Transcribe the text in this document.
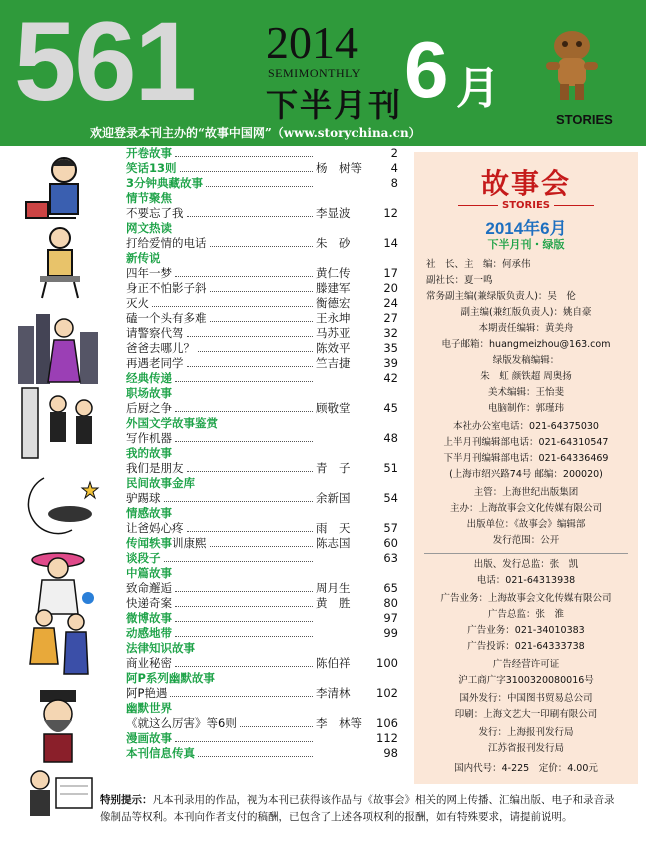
561 2014
SEMIMONTHLY
下半月刊 6 月
STORIES
欢迎登录本刊主办的“故事中国网”（www.storychina.cn）
开卷故事	2
笑话13则	杨　树等	4
3分钟典藏故事	8
情节聚焦
不要忘了我	李显波	12
网文热读
打给爱情的电话	朱　砂	14
新传说
四年一梦	黄仁传	17
身正不怕影子斜	滕建军	20
灭火	衡德宏	24
磕一个头有多难	王永坤	27
请警察代驾	马苏亚	32
爸爸去哪儿？	陈效平	35
再遇老同学	竺吉捷	39
经典传递	42
职场故事
后厨之争	顾敬堂	45
外国文学故事鉴赏
写作机器	48
我的故事
我们是朋友	青　子	51
民间故事金库
驴踢球	余新国	54
情感故事
让爸妈心疼	雨　天	57
传闻轶事 训康熙	陈志国	60
谈段子	63
中篇故事
致命邂逅	周月生	65
快递奇案	黄　胜	80
微博故事	97
动感地带	99
法律知识故事
商业秘密	陈伯祥	100
阿P系列幽默故事
阿P艳遇	李清林	102
幽默世界
《就这么厉害》等6则	李　林等	106
漫画故事	112
本刊信息传真	98
故事会
STORIES
2014年6月
下半月刊・绿版
社　长、主　编：何承伟
副社长：夏一鸣
常务副主编(兼绿版负责人)：吴　伦
副主编(兼红版负责人)：姚自豪
本期责任编辑：黄美舟
电子邮箱：huangmeizhou@163.com
绿版发稿编辑：
朱　虹 颜铁超 周奥扬
美术编辑：王怡斐
电脑制作：郭瑾玮
本社办公室电话：021-64375030
上半月刊编辑部电话：021-64310547
下半月刊编辑部电话：021-64336469
(上海市绍兴路74号 邮编：200020)
主管：上海世纪出版集团
主办：上海故事会文化传媒有限公司
出版单位：《故事会》编辑部
发行范围：公开
出版、发行总监：张　凯
电话：021-64313938
广告业务：上海故事会文化传媒有限公司
广告总监：张　淮
广告业务：021-34010383
广告投诉：021-64333738
广告经营许可证
沪工商广字3100320080016号
国外发行：中国图书贸易总公司
印刷：上海文艺大一印刷有限公司
发行：上海报刊发行局
江苏省报刊发行局
国内代号：4-225　定价：4.00元
特别提示：凡本刊录用的作品，视为本刊已获得该作品与《故事会》相关的网上传播、汇编出版、电子和录音录像制品等权利。本刊向作者支付的稿酬，已包含了上述各项权利的报酬，如有特殊要求，请提前说明。
